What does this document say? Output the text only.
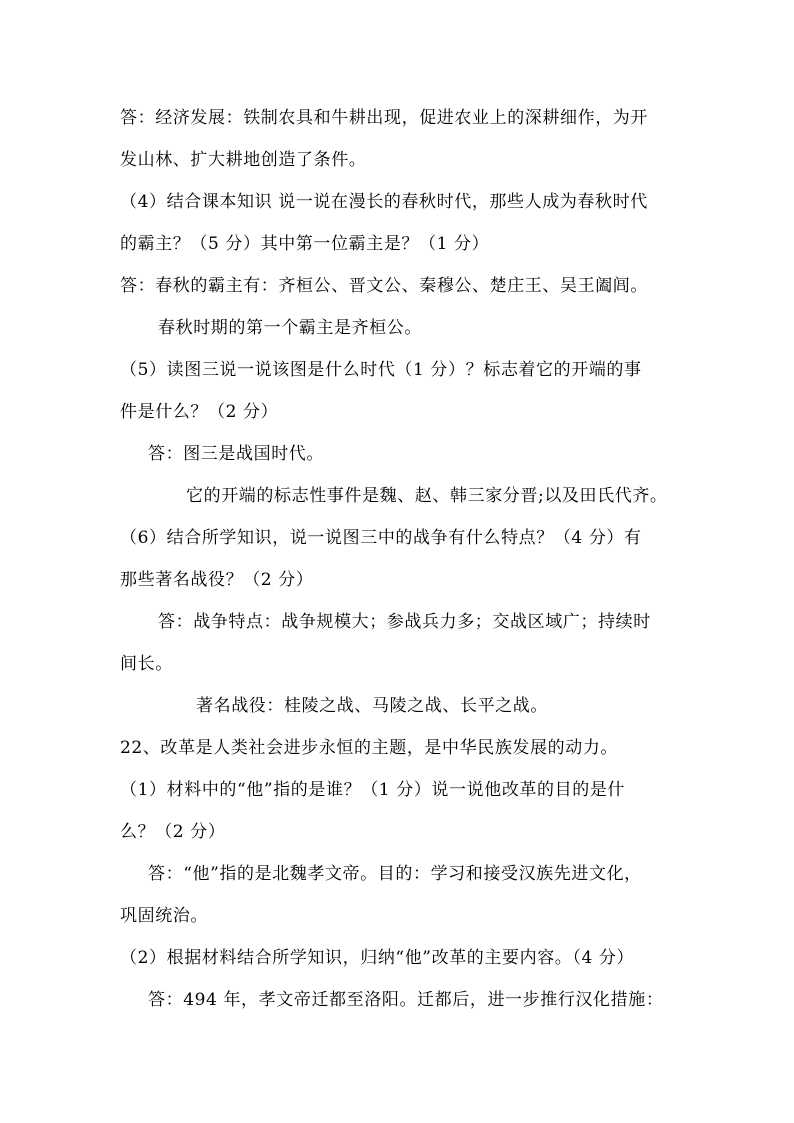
答：经济发展：铁制农具和牛耕出现，促进农业上的深耕细作，为开
发山林、扩大耕地创造了条件。
（4）结合课本知识 说一说在漫长的春秋时代，那些人成为春秋时代
的霸主？（5 分）其中第一位霸主是？（1 分）
答：春秋的霸主有：齐桓公、晋文公、秦穆公、楚庄王、吴王阖闾。
春秋时期的第一个霸主是齐桓公。
（5）读图三说一说该图是什么时代（1 分）？标志着它的开端的事
件是什么？（2 分）
答：图三是战国时代。
它的开端的标志性事件是魏、赵、韩三家分晋;以及田氏代齐。
（6）结合所学知识，说一说图三中的战争有什么特点？（4 分）有
那些著名战役？（2 分）
答：战争特点：战争规模大；参战兵力多；交战区域广；持续时
间长。
著名战役：桂陵之战、马陵之战、长平之战。
22、改革是人类社会进步永恒的主题，是中华民族发展的动力。
（1）材料中的“他”指的是谁？（1 分）说一说他改革的目的是什
么？（2 分）
答：“他”指的是北魏孝文帝。目的：学习和接受汉族先进文化，
巩固统治。
（2）根据材料结合所学知识，归纳“他”改革的主要内容。（4 分）
答：494 年，孝文帝迁都至洛阳。迁都后，进一步推行汉化措施：
